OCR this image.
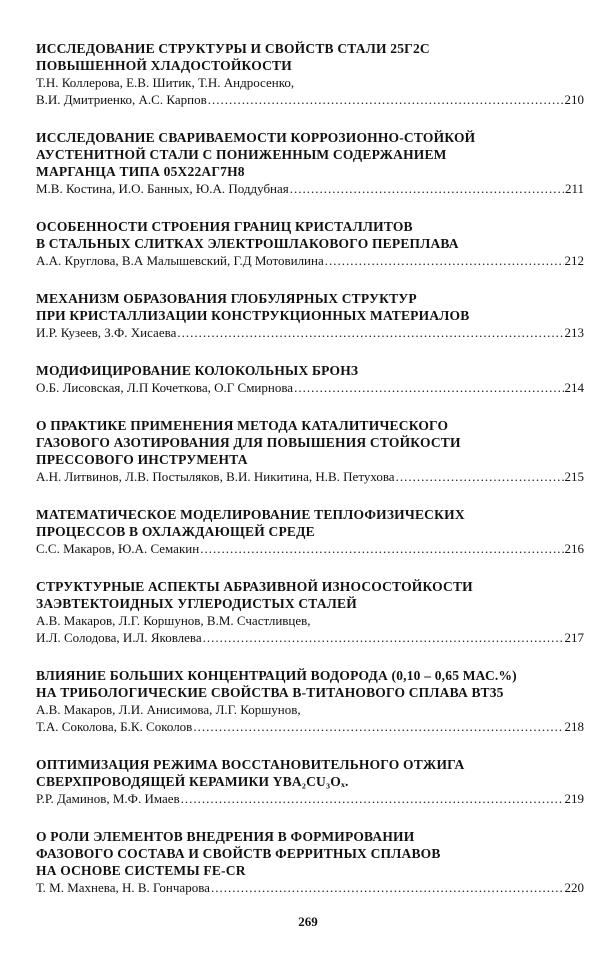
ИССЛЕДОВАНИЕ СТРУКТУРЫ И СВОЙСТВ СТАЛИ 25Г2С
ПОВЫШЕННОЙ ХЛАДОСТОЙКОСТИ
Т.Н. Коллерова, Е.В. Шитик, Т.Н. Андросенко,
В.И. Дмитриенко, А.С. Карпов .....	210
ИССЛЕДОВАНИЕ СВАРИВАЕМОСТИ КОРРОЗИОННО-СТОЙКОЙ
АУСТЕНИТНОЙ СТАЛИ С ПОНИЖЕННЫМ СОДЕРЖАНИЕМ
МАРГАНЦА ТИПА 05Х22АГ7Н8
М.В. Костина, И.О. Банных, Ю.А. Поддубная .....	211
ОСОБЕННОСТИ СТРОЕНИЯ ГРАНИЦ КРИСТАЛЛИТОВ
В СТАЛЬНЫХ СЛИТКАХ ЭЛЕКТРОШЛАКОВОГО ПЕРЕПЛАВА
А.А. Круглова, В.А Малышевский, Г.Д Мотовилина .....	212
МЕХАНИЗМ ОБРАЗОВАНИЯ ГЛОБУЛЯРНЫХ СТРУКТУР
ПРИ КРИСТАЛЛИЗАЦИИ КОНСТРУКЦИОННЫХ МАТЕРИАЛОВ
И.Р. Кузеев, З.Ф. Хисаева .....	213
МОДИФИЦИРОВАНИЕ КОЛОКОЛЬНЫХ БРОНЗ
О.Б. Лисовская, Л.П Кочеткова, О.Г Смирнова .....	214
О ПРАКТИКЕ ПРИМЕНЕНИЯ МЕТОДА КАТАЛИТИЧЕСКОГО
ГАЗОВОГО АЗОТИРОВАНИЯ ДЛЯ ПОВЫШЕНИЯ СТОЙКОСТИ
ПРЕССОВОГО ИНСТРУМЕНТА
А.Н. Литвинов, Л.В. Постыляков, В.И. Никитина, Н.В. Петухова .....	215
МАТЕМАТИЧЕСКОЕ МОДЕЛИРОВАНИЕ ТЕПЛОФИЗИЧЕСКИХ
ПРОЦЕССОВ В ОХЛАЖДАЮЩЕЙ СРЕДЕ
С.С. Макаров, Ю.А. Семакин .....	216
СТРУКТУРНЫЕ АСПЕКТЫ АБРАЗИВНОЙ ИЗНОСОСТОЙКОСТИ
ЗАЭВТЕКТОИДНЫХ УГЛЕРОДИСТЫХ СТАЛЕЙ
А.В. Макаров, Л.Г. Коршунов, В.М. Счастливцев,
И.Л. Солодова, И.Л. Яковлева .....	217
ВЛИЯНИЕ БОЛЬШИХ КОНЦЕНТРАЦИЙ ВОДОРОДА (0,10 – 0,65 МАС.%)
НА ТРИБОЛОГИЧЕСКИЕ СВОЙСТВА Β-ТИТАНОВОГО СПЛАВА ВТ35
А.В. Макаров, Л.И. Анисимова, Л.Г. Коршунов,
Т.А. Соколова, Б.К. Соколов .....	218
ОПТИМИЗАЦИЯ РЕЖИМА ВОССТАНОВИТЕЛЬНОГО ОТЖИГА
СВЕРХПРОВОДЯЩЕЙ КЕРАМИКИ YBA₂CU₃Oₓ.
Р.Р. Даминов, М.Ф. Имаев .....	219
О РОЛИ ЭЛЕМЕНТОВ ВНЕДРЕНИЯ В ФОРМИРОВАНИИ
ФАЗОВОГО СОСТАВА И СВОЙСТВ ФЕРРИТНЫХ СПЛАВОВ
НА ОСНОВЕ СИСТЕМЫ FE-CR
Т. М. Махнева, Н. В. Гончарова .....	220
269
